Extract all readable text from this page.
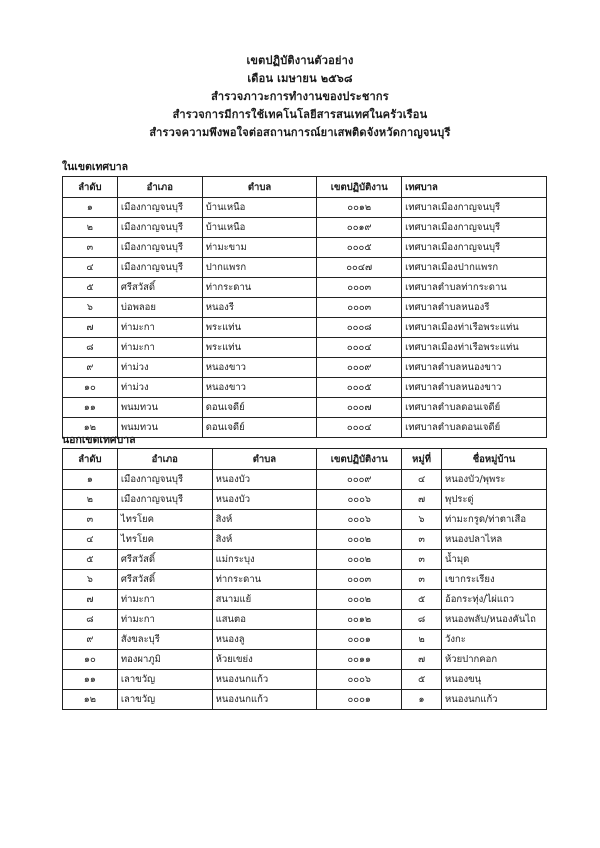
เขตปฏิบัติงานตัวอย่าง
เดือน เมษายน ๒๕๖๘
สำรวจภาวะการทำงานของประชากร
สำรวจการมีการใช้เทคโนโลยีสารสนเทศในครัวเรือน
สำรวจความพึงพอใจต่อสถานการณ์ยาเสพติดจังหวัดกาญจนบุรี
ในเขตเทศบาล
ลำดับ	อำเภอ	ตำบล	เขตปฏิบัติงาน	เทศบาล
๑	เมืองกาญจนบุรี	บ้านเหนือ	๐๐๑๒	เทศบาลเมืองกาญจนบุรี
๒	เมืองกาญจนบุรี	บ้านเหนือ	๐๐๑๙	เทศบาลเมืองกาญจนบุรี
๓	เมืองกาญจนบุรี	ท่ามะขาม	๐๐๐๕	เทศบาลเมืองกาญจนบุรี
๔	เมืองกาญจนบุรี	ปากแพรก	๐๐๔๗	เทศบาลเมืองปากแพรก
๕	ศรีสวัสดิ์	ท่ากระดาน	๐๐๐๓	เทศบาลตำบลท่ากระดาน
๖	บ่อพลอย	หนองรี	๐๐๐๓	เทศบาลตำบลหนองรี
๗	ท่ามะกา	พระแท่น	๐๐๐๘	เทศบาลเมืองท่าเรือพระแท่น
๘	ท่ามะกา	พระแท่น	๐๐๐๔	เทศบาลเมืองท่าเรือพระแท่น
๙	ท่าม่วง	หนองขาว	๐๐๐๙	เทศบาลตำบลหนองขาว
๑๐	ท่าม่วง	หนองขาว	๐๐๐๕	เทศบาลตำบลหนองขาว
๑๑	พนมทวน	ดอนเจดีย์	๐๐๐๗	เทศบาลตำบลดอนเจดีย์
๑๒	พนมทวน	ดอนเจดีย์	๐๐๐๔	เทศบาลตำบลดอนเจดีย์
นอกเขตเทศบาล
ลำดับ	อำเภอ	ตำบล	เขตปฏิบัติงาน	หมู่ที่	ชื่อหมู่บ้าน
๑	เมืองกาญจนบุรี	หนองบัว	๐๐๐๙	๔	หนองบัว/พุพระ
๒	เมืองกาญจนบุรี	หนองบัว	๐๐๐๖	๗	พุประดู่
๓	ไทรโยค	สิงห์	๐๐๐๖	๖	ท่ามะกรูด/ท่าตาเสือ
๔	ไทรโยค	สิงห์	๐๐๐๒	๓	หนองปลาไหล
๕	ศรีสวัสดิ์	แม่กระบุง	๐๐๐๒	๓	น้ำมุด
๖	ศรีสวัสดิ์	ท่ากระดาน	๐๐๐๓	๓	เขากระเรียง
๗	ท่ามะกา	สนามแย้	๐๐๐๒	๕	อ้อกระทุ่ง/ไผ่แถว
๘	ท่ามะกา	แสนตอ	๐๐๑๒	๘	หนองพลับ/หนองคันไถ
๙	สังขละบุรี	หนองลู	๐๐๐๑	๒	วังกะ
๑๐	ทองผาภูมิ	ห้วยเขย่ง	๐๐๑๑	๗	ห้วยปากคอก
๑๑	เลาขวัญ	หนองนกแก้ว	๐๐๐๖	๕	หนองขนุ
๑๒	เลาขวัญ	หนองนกแก้ว	๐๐๐๑	๑	หนองนกแก้ว
